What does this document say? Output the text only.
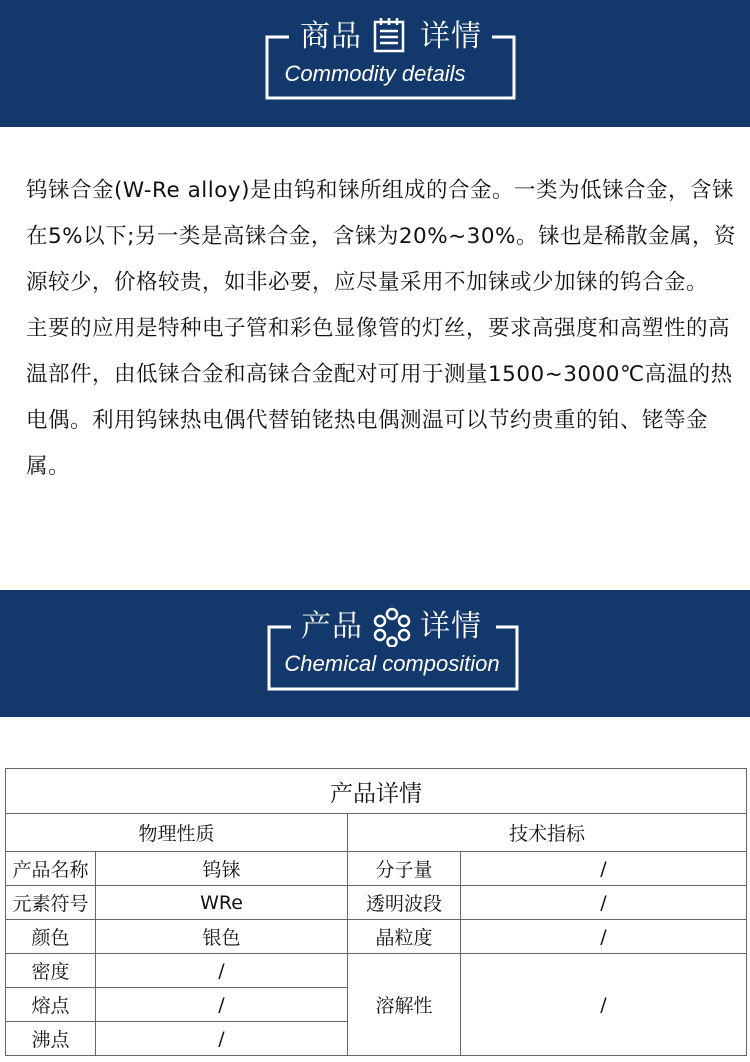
商品 详情
Commodity details

钨铼合金(W-Re alloy)是由钨和铼所组成的合金。一类为低铼合金，含铼在5%以下;另一类是高铼合金，含铼为20%~30%。铼也是稀散金属，资源较少，价格较贵，如非必要，应尽量采用不加铼或少加铼的钨合金。

主要的应用是特种电子管和彩色显像管的灯丝，要求高强度和高塑性的高温部件，由低铼合金和高铼合金配对可用于测量1500~3000℃高温的热电偶。利用钨铼热电偶代替铂铑热电偶测温可以节约贵重的铂、铑等金属。

产品 详情
Chemical composition
产品详情			
物理性质		技术指标	
产品名称	钨铼	分子量	/
元素符号	WRe	透明波段	/
颜色	银色	晶粒度	/
密度	/	溶解性	/
熔点	/		
沸点	/		
